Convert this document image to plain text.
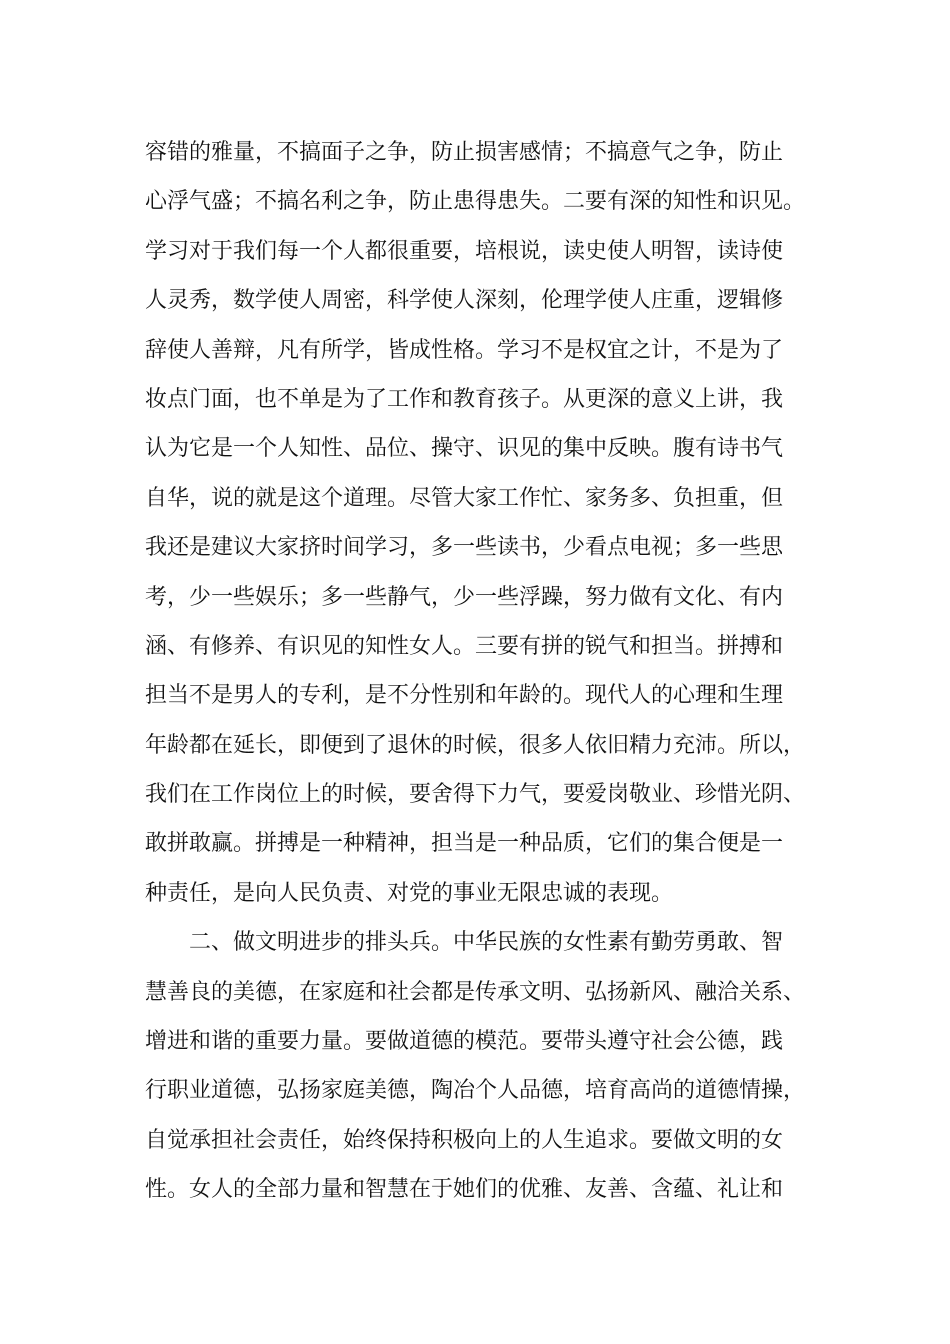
容错的雅量，不搞面子之争，防止损害感情；不搞意气之争，防止
心浮气盛；不搞名利之争，防止患得患失。二要有深的知性和识见。
学习对于我们每一个人都很重要，培根说，读史使人明智，读诗使
人灵秀，数学使人周密，科学使人深刻，伦理学使人庄重，逻辑修
辞使人善辩，凡有所学，皆成性格。学习不是权宜之计，不是为了
妆点门面，也不单是为了工作和教育孩子。从更深的意义上讲，我
认为它是一个人知性、品位、操守、识见的集中反映。腹有诗书气
自华，说的就是这个道理。尽管大家工作忙、家务多、负担重，但
我还是建议大家挤时间学习，多一些读书，少看点电视；多一些思
考，少一些娱乐；多一些静气，少一些浮躁，努力做有文化、有内
涵、有修养、有识见的知性女人。三要有拼的锐气和担当。拼搏和
担当不是男人的专利，是不分性别和年龄的。现代人的心理和生理
年龄都在延长，即便到了退休的时候，很多人依旧精力充沛。所以，
我们在工作岗位上的时候，要舍得下力气，要爱岗敬业、珍惜光阴、
敢拼敢赢。拼搏是一种精神，担当是一种品质，它们的集合便是一
种责任，是向人民负责、对党的事业无限忠诚的表现。
二、做文明进步的排头兵。中华民族的女性素有勤劳勇敢、智
慧善良的美德，在家庭和社会都是传承文明、弘扬新风、融洽关系、
增进和谐的重要力量。要做道德的模范。要带头遵守社会公德，践
行职业道德，弘扬家庭美德，陶冶个人品德，培育高尚的道德情操，
自觉承担社会责任，始终保持积极向上的人生追求。要做文明的女
性。女人的全部力量和智慧在于她们的优雅、友善、含蕴、礼让和
